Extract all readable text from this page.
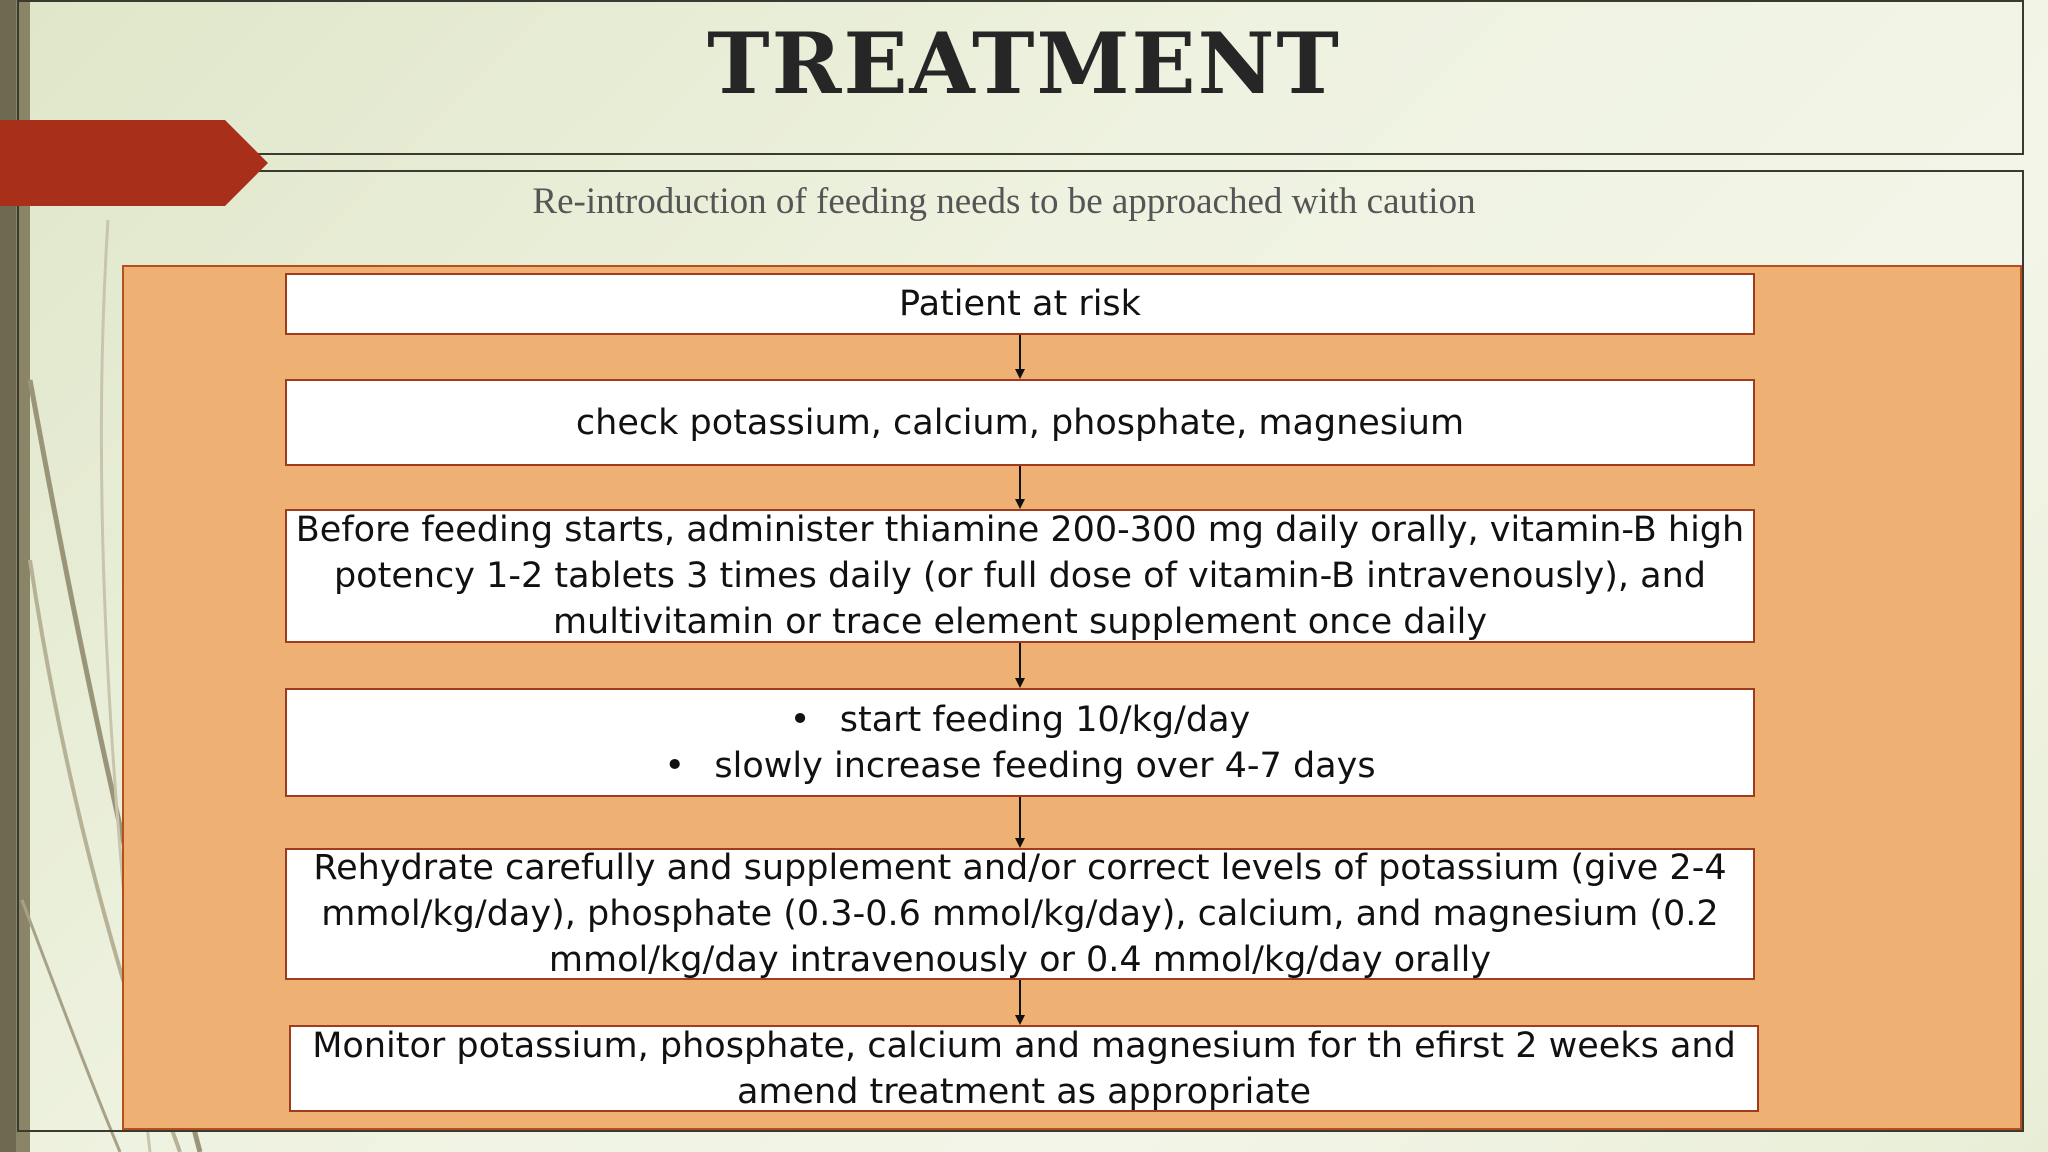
TREATMENT
Re-introduction of feeding needs to be approached with caution
Patient at risk
check potassium, calcium, phosphate, magnesium
Before feeding starts, administer thiamine 200-300 mg daily orally, vitamin-B high
potency 1-2 tablets 3 times daily (or full dose of vitamin-B intravenously), and
multivitamin or trace element supplement once daily
• start feeding 10/kg/day
• slowly increase feeding over 4-7 days
Rehydrate carefully and supplement and/or correct levels of potassium (give 2-4
mmol/kg/day), phosphate (0.3-0.6 mmol/kg/day), calcium, and magnesium (0.2
mmol/kg/day intravenously or 0.4 mmol/kg/day orally
Monitor potassium, phosphate, calcium and magnesium for th efirst 2 weeks and
amend treatment as appropriate
